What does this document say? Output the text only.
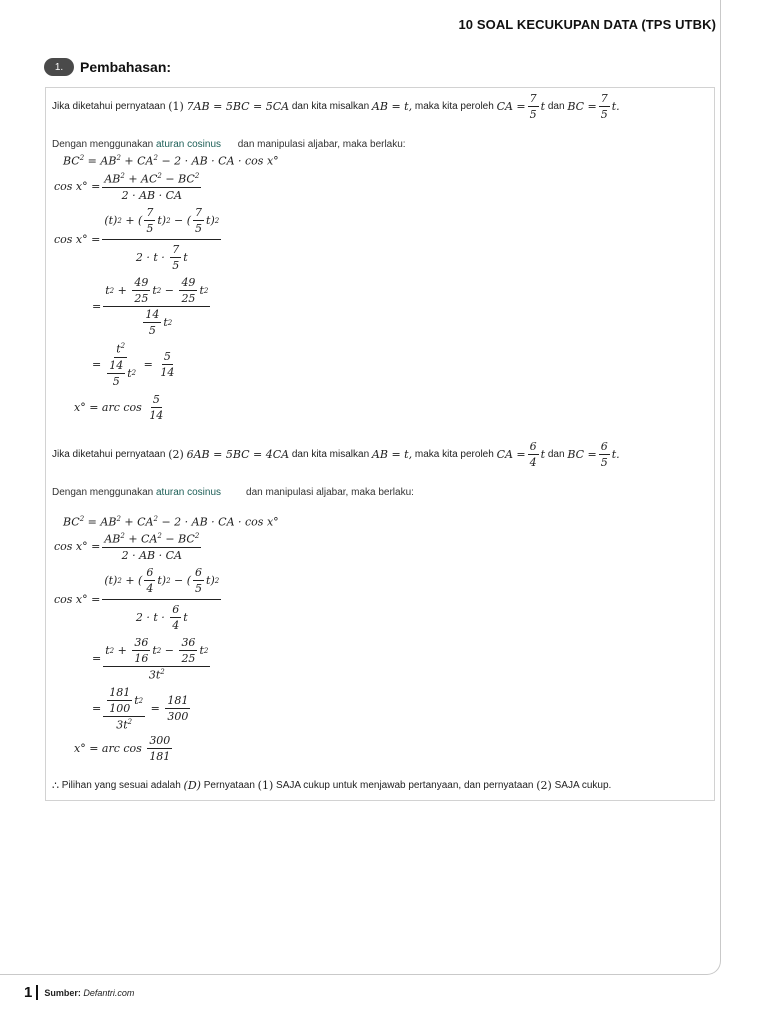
10 SOAL KECUKUPAN DATA (TPS UTBK)
1.	Pembahasan:
Jika diketahui pernyataan
(1)
7AB = 5BC = 5CA
dan kita misalkan
AB = t,
maka kita peroleh
CA = $\frac{7}{5}$ t
dan
BC = $\frac{7}{5} t$.
Dengan menggunakan aturan cosinus dan manipulasi aljabar, maka berlaku:
$BC^2 = AB^2 + CA^2 - 2$ · AB · CA · cos x°
$\cos x^\circ = \frac{AB^2 + AC^2 - BC^2}{2 \cdot AB \cdot CA}$
$\cos x^\circ = \frac{(t) 2 + ( \frac{7}{5} t) 2 - ( \frac{7}{5} t) 2}{2 \cdot t \cdot \frac{7}{5} t}$
= $\frac{t 2 + \frac{49}{25} t 2 - \frac{49}{25} t 2}{\frac{14}{5} t 2}$
= $\frac{t^2}{\frac{14}{5} t 2} = \frac{5}{14}$
x° = arc $\cos \frac{5}{14}$
Jika diketahui pernyataan
(2)
6AB = 5BC = 4CA
dan kita misalkan
AB = t,
maka kita peroleh
CA = $\frac{6}{4}$ t
dan
BC = $\frac{6}{5} t$.
Dengan menggunakan aturan cosinus	dan manipulasi aljabar, maka berlaku:
$BC^2 = AB^2 + CA^2 - 2$ · AB · CA · cos x°
$\cos x^\circ = \frac{AB^2 + CA^2 - BC^2}{2 \cdot AB \cdot CA}$
$\cos x^\circ = \frac{(t) 2 + ( \frac{6}{4} t) 2 - ( \frac{6}{5} t) 2}{2 \cdot t \cdot \frac{6}{4} t}$
= $\frac{t 2 + \frac{36}{16} t 2 - \frac{36}{25} t 2}{3t^2}$
= $\frac{\frac{181}{100} t 2}{3t^2} = \frac{181}{300}$
x° = arc $\cos \frac{300}{181}$
∴
Pilihan yang sesuai adalah
(D)
Pernyataan
(1)
SAJA cukup untuk menjawab pertanyaan, dan pernyataan
(2)
SAJA cukup.
1 Sumber: Defantri.com
